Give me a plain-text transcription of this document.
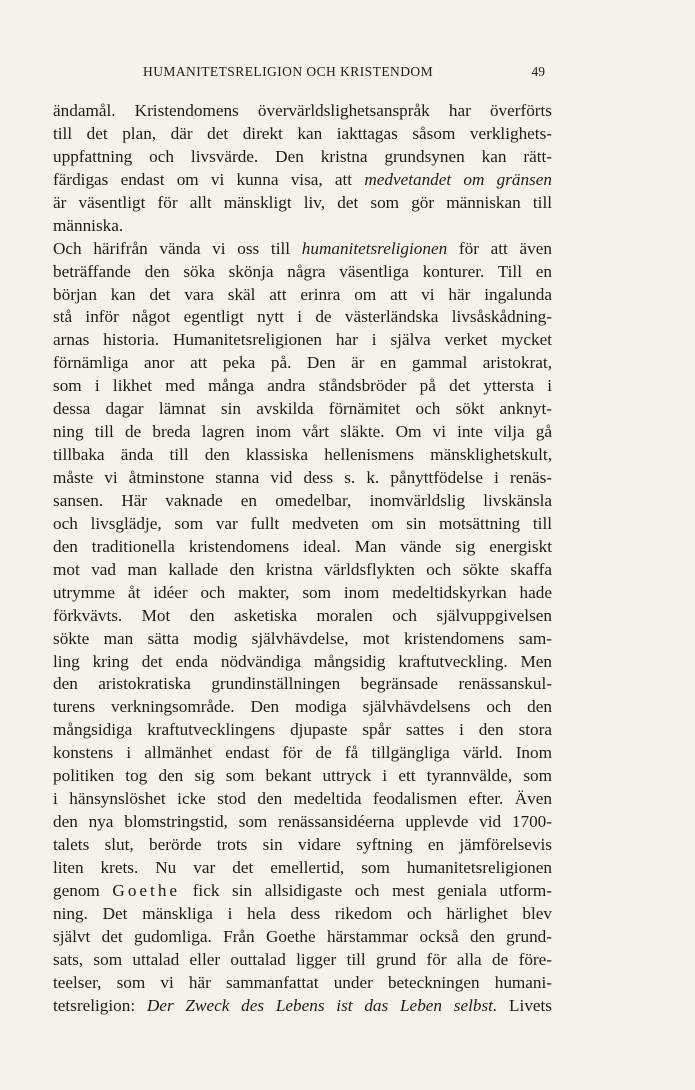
HUMANITETSRELIGION OCH KRISTENDOM	49
ändamål. Kristendomens övervärldslighetsanspråk har överförts
till det plan, där det direkt kan iakttagas såsom verklighets-
uppfattning och livsvärde. Den kristna grundsynen kan rätt-
färdigas endast om vi kunna visa, att medvetandet om gränsen
är väsentligt för allt mänskligt liv, det som gör människan till
människa.
Och härifrån vända vi oss till humanitetsreligionen för att även
beträffande den söka skönja några väsentliga konturer. Till en
början kan det vara skäl att erinra om att vi här ingalunda
stå inför något egentligt nytt i de västerländska livsåskådning-
arnas historia. Humanitetsreligionen har i själva verket mycket
förnämliga anor att peka på. Den är en gammal aristokrat,
som i likhet med många andra ståndsbröder på det yttersta i
dessa dagar lämnat sin avskilda förnämitet och sökt anknyt-
ning till de breda lagren inom vårt släkte. Om vi inte vilja gå
tillbaka ända till den klassiska hellenismens mänsklighetskult,
måste vi åtminstone stanna vid dess s. k. pånyttfödelse i renäs-
sansen. Här vaknade en omedelbar, inomvärldslig livskänsla
och livsglädje, som var fullt medveten om sin motsättning till
den traditionella kristendomens ideal. Man vände sig energiskt
mot vad man kallade den kristna världsflykten och sökte skaffa
utrymme åt idéer och makter, som inom medeltidskyrkan hade
förkvävts. Mot den asketiska moralen och självuppgivelsen
sökte man sätta modig självhävdelse, mot kristendomens sam-
ling kring det enda nödvändiga mångsidig kraftutveckling. Men
den aristokratiska grundinställningen begränsade renässanskul-
turens verkningsområde. Den modiga självhävdelsens och den
mångsidiga kraftutvecklingens djupaste spår sattes i den stora
konstens i allmänhet endast för de få tillgängliga värld. Inom
politiken tog den sig som bekant uttryck i ett tyrannvälde, som
i hänsynslöshet icke stod den medeltida feodalismen efter. Även
den nya blomstringstid, som renässansidéerna upplevde vid 1700-
talets slut, berörde trots sin vidare syftning en jämförelsevis
liten krets. Nu var det emellertid, som humanitetsreligionen
genom Goethe fick sin allsidigaste och mest geniala utform-
ning. Det mänskliga i hela dess rikedom och härlighet blev
självt det gudomliga. Från Goethe härstammar också den grund-
sats, som uttalad eller outtalad ligger till grund för alla de före-
teelser, som vi här sammanfattat under beteckningen humani-
tetsreligion: Der Zweck des Lebens ist das Leben selbst. Livets
